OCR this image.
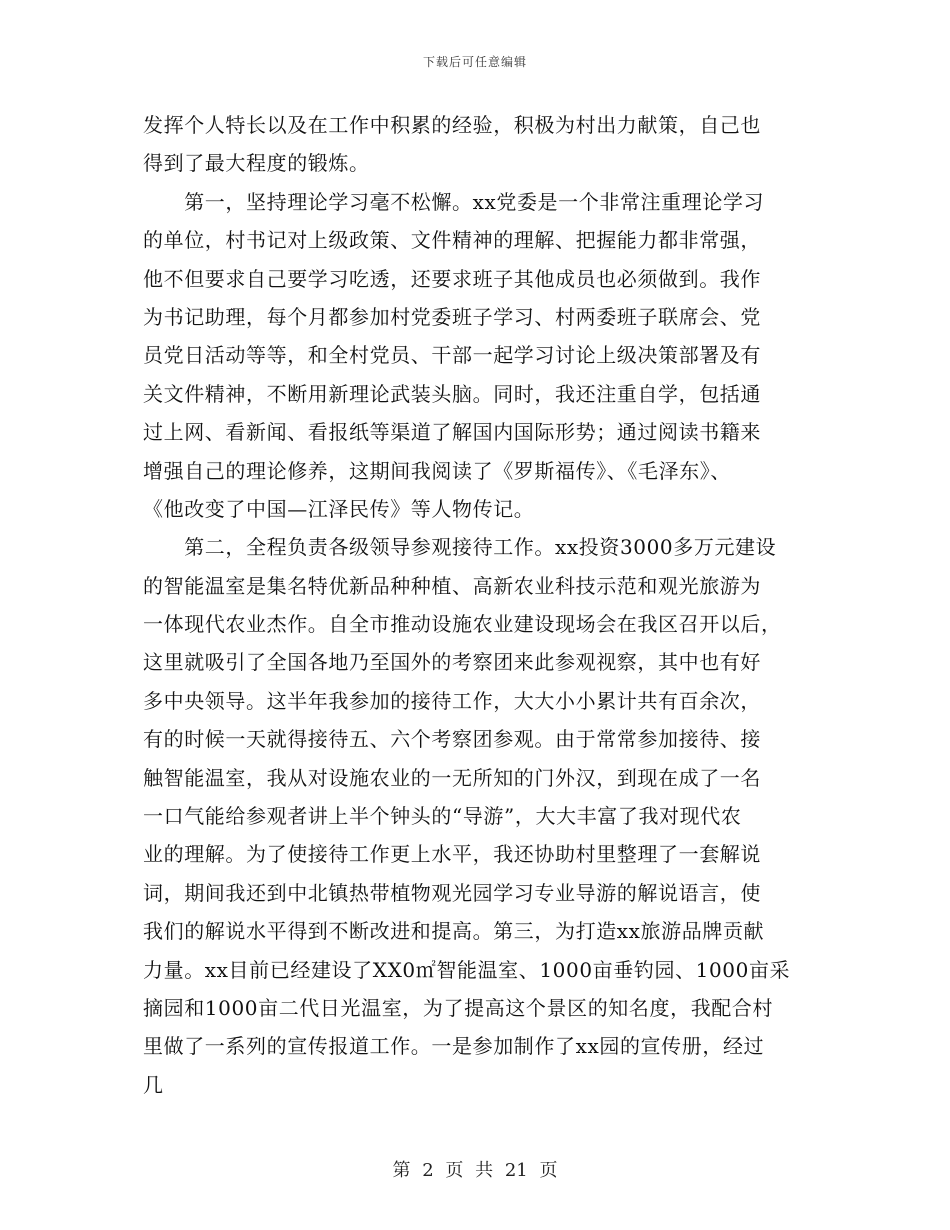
下载后可任意编辑
发挥个人特长以及在工作中积累的经验，积极为村出力献策，自己也
得到了最大程度的锻炼。
　　第一，坚持理论学习毫不松懈。xx党委是一个非常注重理论学习
的单位，村书记对上级政策、文件精神的理解、把握能力都非常强，
他不但要求自己要学习吃透，还要求班子其他成员也必须做到。我作
为书记助理，每个月都参加村党委班子学习、村两委班子联席会、党
员党日活动等等，和全村党员、干部一起学习讨论上级决策部署及有
关文件精神，不断用新理论武装头脑。同时，我还注重自学，包括通
过上网、看新闻、看报纸等渠道了解国内国际形势；通过阅读书籍来
增强自己的理论修养，这期间我阅读了《罗斯福传》、《毛泽东》、
《他改变了中国—江泽民传》等人物传记。
　　第二，全程负责各级领导参观接待工作。xx投资3000多万元建设
的智能温室是集名特优新品种种植、高新农业科技示范和观光旅游为
一体现代农业杰作。自全市推动设施农业建设现场会在我区召开以后，
这里就吸引了全国各地乃至国外的考察团来此参观视察，其中也有好
多中央领导。这半年我参加的接待工作，大大小小累计共有百余次，
有的时候一天就得接待五、六个考察团参观。由于常常参加接待、接
触智能温室，我从对设施农业的一无所知的门外汉，到现在成了一名
一口气能给参观者讲上半个钟头的“导游”，大大丰富了我对现代农
业的理解。为了使接待工作更上水平，我还协助村里整理了一套解说
词，期间我还到中北镇热带植物观光园学习专业导游的解说语言，使
我们的解说水平得到不断改进和提高。第三，为打造xx旅游品牌贡献
力量。xx目前已经建设了XX0㎡智能温室、1000亩垂钓园、1000亩采
摘园和1000亩二代日光温室，为了提高这个景区的知名度，我配合村
里做了一系列的宣传报道工作。一是参加制作了xx园的宣传册，经过
几
第 2 页 共 21 页
